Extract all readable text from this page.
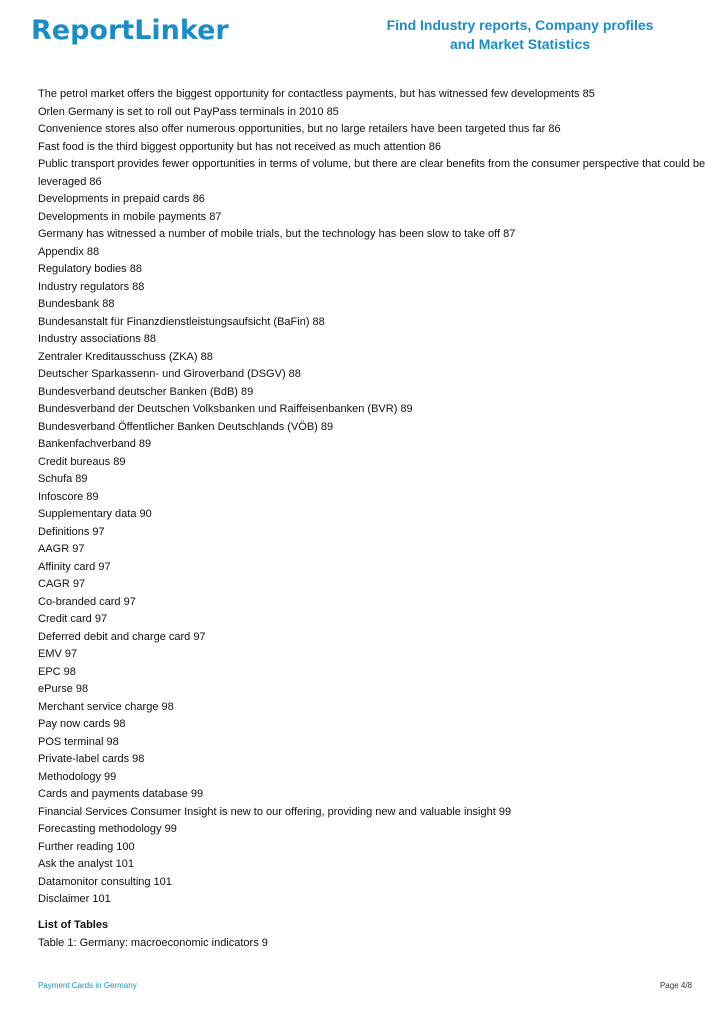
ReportLinker	Find Industry reports, Company profiles
and Market Statistics
The petrol market offers the biggest opportunity for contactless payments, but has witnessed few developments 85
Orlen Germany is set to roll out PayPass terminals in 2010 85
Convenience stores also offer numerous opportunities, but no large retailers have been targeted thus far 86
Fast food is the third biggest opportunity but has not received as much attention 86
Public transport provides fewer opportunities in terms of volume, but there are clear benefits from the consumer perspective that could be leveraged 86
Developments in prepaid cards 86
Developments in mobile payments 87
Germany has witnessed a number of mobile trials, but the technology has been slow to take off 87
Appendix 88
Regulatory bodies 88
Industry regulators 88
Bundesbank 88
Bundesanstalt für Finanzdienstleistungsaufsicht (BaFin) 88
Industry associations 88
Zentraler Kreditausschuss (ZKA) 88
Deutscher Sparkassenn- und Giroverband (DSGV) 88
Bundesverband deutscher Banken (BdB) 89
Bundesverband der Deutschen Volksbanken und Raiffeisenbanken (BVR) 89
Bundesverband Öffentlicher Banken Deutschlands (VÖB) 89
Bankenfachverband 89
Credit bureaus 89
Schufa 89
Infoscore 89
Supplementary data 90
Definitions 97
AAGR 97
Affinity card 97
CAGR 97
Co-branded card 97
Credit card 97
Deferred debit and charge card 97
EMV 97
EPC 98
ePurse 98
Merchant service charge 98
Pay now cards 98
POS terminal 98
Private-label cards 98
Methodology 99
Cards and payments database 99
Financial Services Consumer Insight is new to our offering, providing new and valuable insight 99
Forecasting methodology 99
Further reading 100
Ask the analyst 101
Datamonitor consulting 101
Disclaimer 101
List of Tables
Table 1: Germany: macroeconomic indicators 9
Payment Cards in Germany	Page 4/8
